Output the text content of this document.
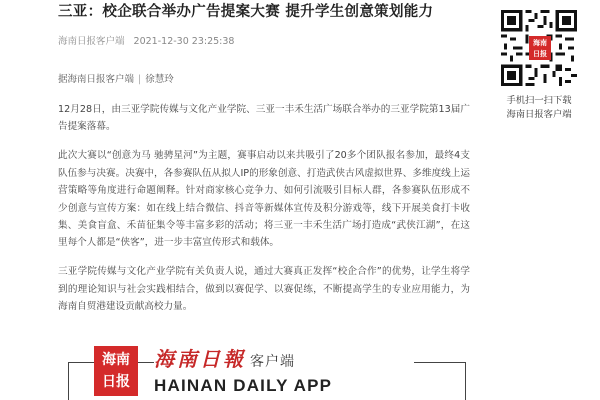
三亚：校企联合举办广告提案大赛 提升学生创意策划能力
海南日报客户端 2021-12-30 23:25:38
据海南日报客户端 | 徐慧玲

12月28日，由三亚学院传媒与文化产业学院、三亚一丰禾生活广场联合举办的三亚学院第13届广告提案落幕。

此次大赛以“创意为马 驰骋星河”为主题，赛事启动以来共吸引了20多个团队报名参加，最终4支队伍参与决赛。决赛中，各参赛队伍从拟人IP的形象创意、打造武侠古风虚拟世界、多维度线上运营策略等角度进行命题阐释。针对商家核心竞争力、如何引流吸引目标人群，各参赛队伍形成不少创意与宣传方案：如在线上结合微信、抖音等新媒体宣传及积分游戏等，线下开展美食打卡收集、美食盲盒、禾苗征集令等丰富多彩的活动；将三亚一丰禾生活广场打造成“武侠江湖”，在这里每个人都是“侠客”，进一步丰富宣传形式和载体。

三亚学院传媒与文化产业学院有关负责人说，通过大赛真正发挥“校企合作”的优势，让学生将学到的理论知识与社会实践相结合，做到以赛促学、以赛促练，不断提高学生的专业应用能力，为海南自贸港建设贡献高校力量。

海南日报
海南日報 客户端
HAINAN DAILY APP
海南日报
手机扫一扫下载
海南日报客户端
